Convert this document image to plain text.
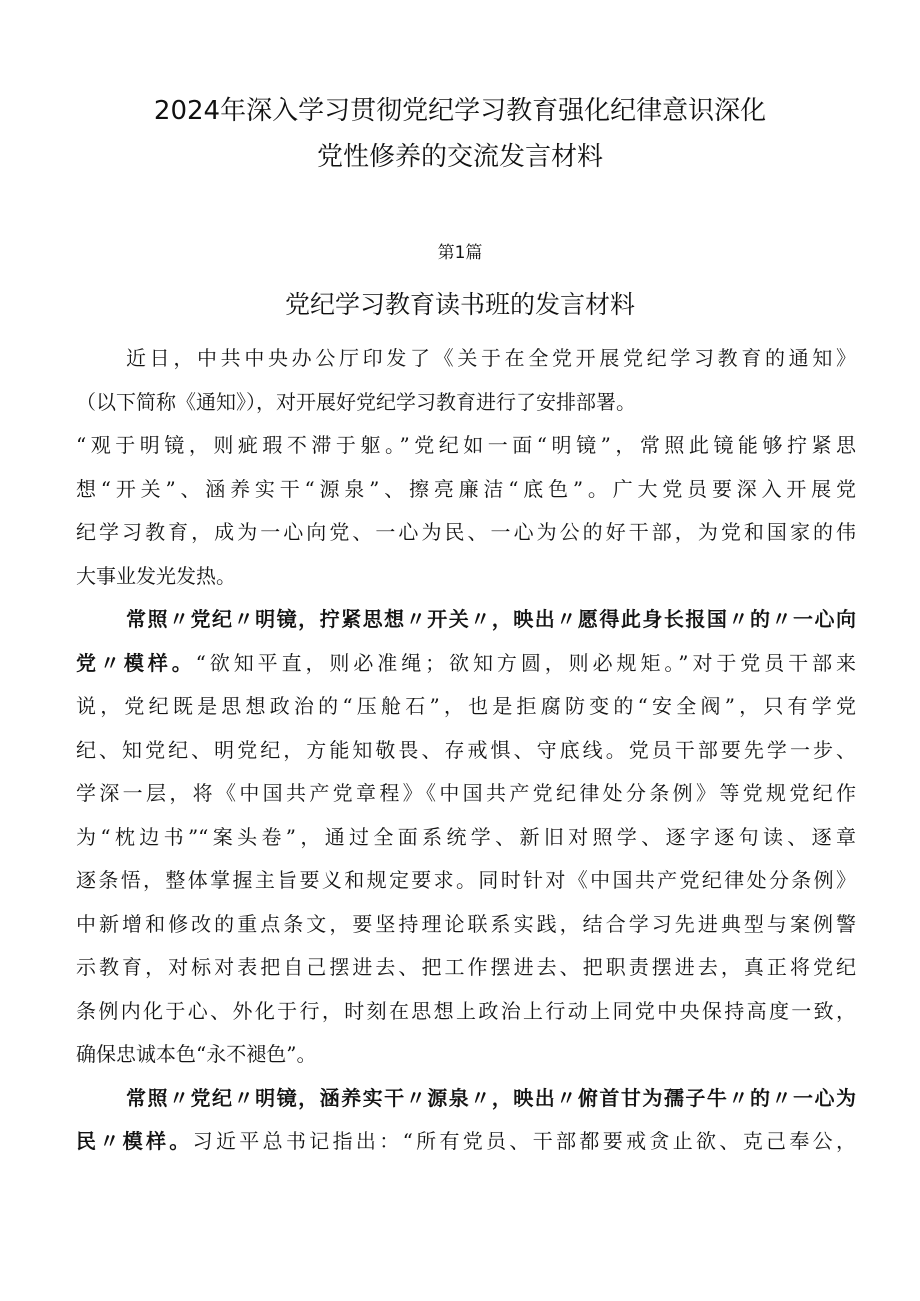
2024年深入学习贯彻党纪学习教育强化纪律意识深化
党性修养的交流发言材料
第1篇
党纪学习教育读书班的发言材料
近日，中共中央办公厅印发了《关于在全党开展党纪学习教育的通知》
（以下简称《通知》），对开展好党纪学习教育进行了安排部署。
“观于明镜，则疵瑕不滞于躯。”党纪如一面“明镜”，常照此镜能够拧紧思
想“开关”、涵养实干“源泉”、擦亮廉洁“底色”。广大党员要深入开展党
纪学习教育，成为一心向党、一心为民、一心为公的好干部，为党和国家的伟
大事业发光发热。
常照〃党纪〃明镜，拧紧思想〃开关〃，映出〃愿得此身长报国〃的〃一心向
党〃模样。“欲知平直，则必准绳；欲知方圆，则必规矩。”对于党员干部来
说，党纪既是思想政治的“压舱石”，也是拒腐防变的“安全阀”，只有学党
纪、知党纪、明党纪，方能知敬畏、存戒惧、守底线。党员干部要先学一步、
学深一层，将《中国共产党章程》《中国共产党纪律处分条例》等党规党纪作
为“枕边书”“案头卷”，通过全面系统学、新旧对照学、逐字逐句读、逐章
逐条悟，整体掌握主旨要义和规定要求。同时针对《中国共产党纪律处分条例》
中新增和修改的重点条文，要坚持理论联系实践，结合学习先进典型与案例警
示教育，对标对表把自己摆进去、把工作摆进去、把职责摆进去，真正将党纪
条例内化于心、外化于行，时刻在思想上政治上行动上同党中央保持高度一致，
确保忠诚本色“永不褪色”。
常照〃党纪〃明镜，涵养实干〃源泉〃，映出〃俯首甘为孺子牛〃的〃一心为
民〃模样。习近平总书记指出：“所有党员、干部都要戒贪止欲、克己奉公，
